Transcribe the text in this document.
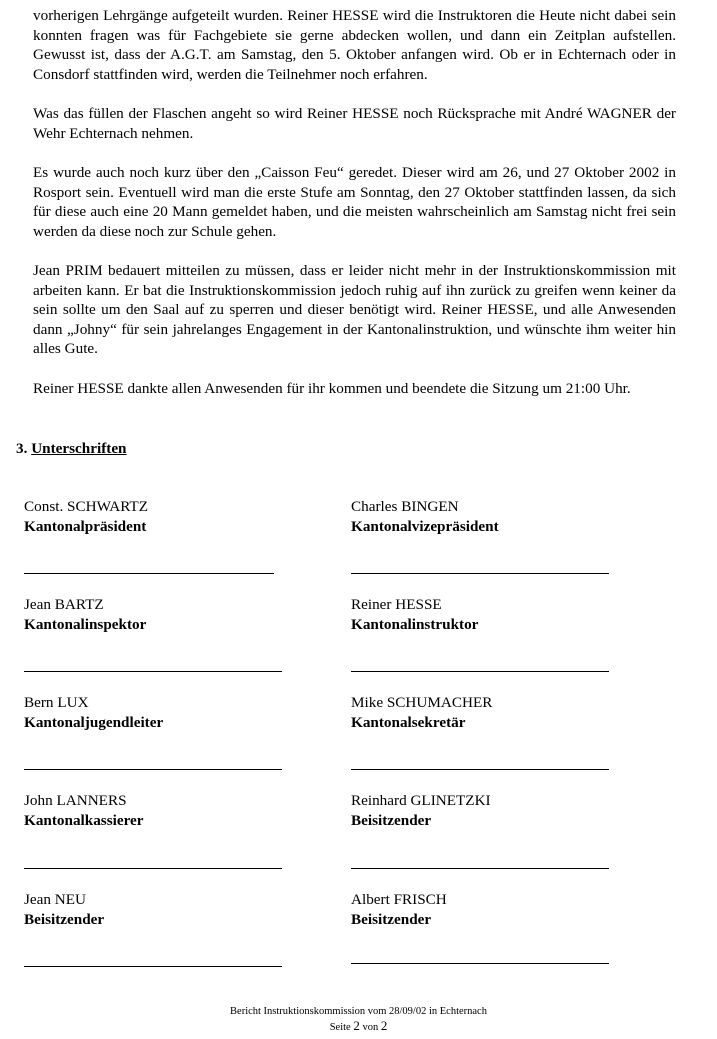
vorherigen Lehrgänge aufgeteilt wurden. Reiner HESSE wird die Instruktoren die Heute nicht dabei sein konnten fragen was für Fachgebiete sie gerne abdecken wollen, und dann ein Zeitplan aufstellen. Gewusst ist, dass der A.G.T. am Samstag, den 5. Oktober anfangen wird. Ob er in Echternach oder in Consdorf stattfinden wird, werden die Teilnehmer noch erfahren.

Was das füllen der Flaschen angeht so wird Reiner HESSE noch Rücksprache mit André WAGNER der Wehr Echternach nehmen.

Es wurde auch noch kurz über den „Caisson Feu“ geredet. Dieser wird am 26, und 27 Oktober 2002 in Rosport sein. Eventuell wird man die erste Stufe am Sonntag, den 27 Oktober stattfinden lassen, da sich für diese auch eine 20 Mann gemeldet haben, und die meisten wahrscheinlich am Samstag nicht frei sein werden da diese noch zur Schule gehen.

Jean PRIM bedauert mitteilen zu müssen, dass er leider nicht mehr in der Instruktionskommission mit arbeiten kann. Er bat die Instruktionskommission jedoch ruhig auf ihn zurück zu greifen wenn keiner da sein sollte um den Saal auf zu sperren und dieser benötigt wird. Reiner HESSE, und alle Anwesenden dann „Johny“ für sein jahrelanges Engagement in der Kantonalinstruktion, und wünschte ihm weiter hin alles Gute.

Reiner HESSE dankte allen Anwesenden für ihr kommen und beendete die Sitzung um 21:00 Uhr.

3. Unterschriften
Const. SCHWARTZ
Kantonalpräsident
Charles BINGEN
Kantonalvizepräsident
Jean BARTZ
Kantonalinspektor
Reiner HESSE
Kantonalinstruktor
Bern LUX
Kantonaljugendleiter
Mike SCHUMACHER
Kantonalsekretär
John LANNERS
Kantonalkassierer
Reinhard GLINETZKI
Beisitzender
Jean NEU
Beisitzender
Albert FRISCH
Beisitzender
Bericht Instruktionskommission vom 28/09/02 in Echternach
Seite 2 von 2
